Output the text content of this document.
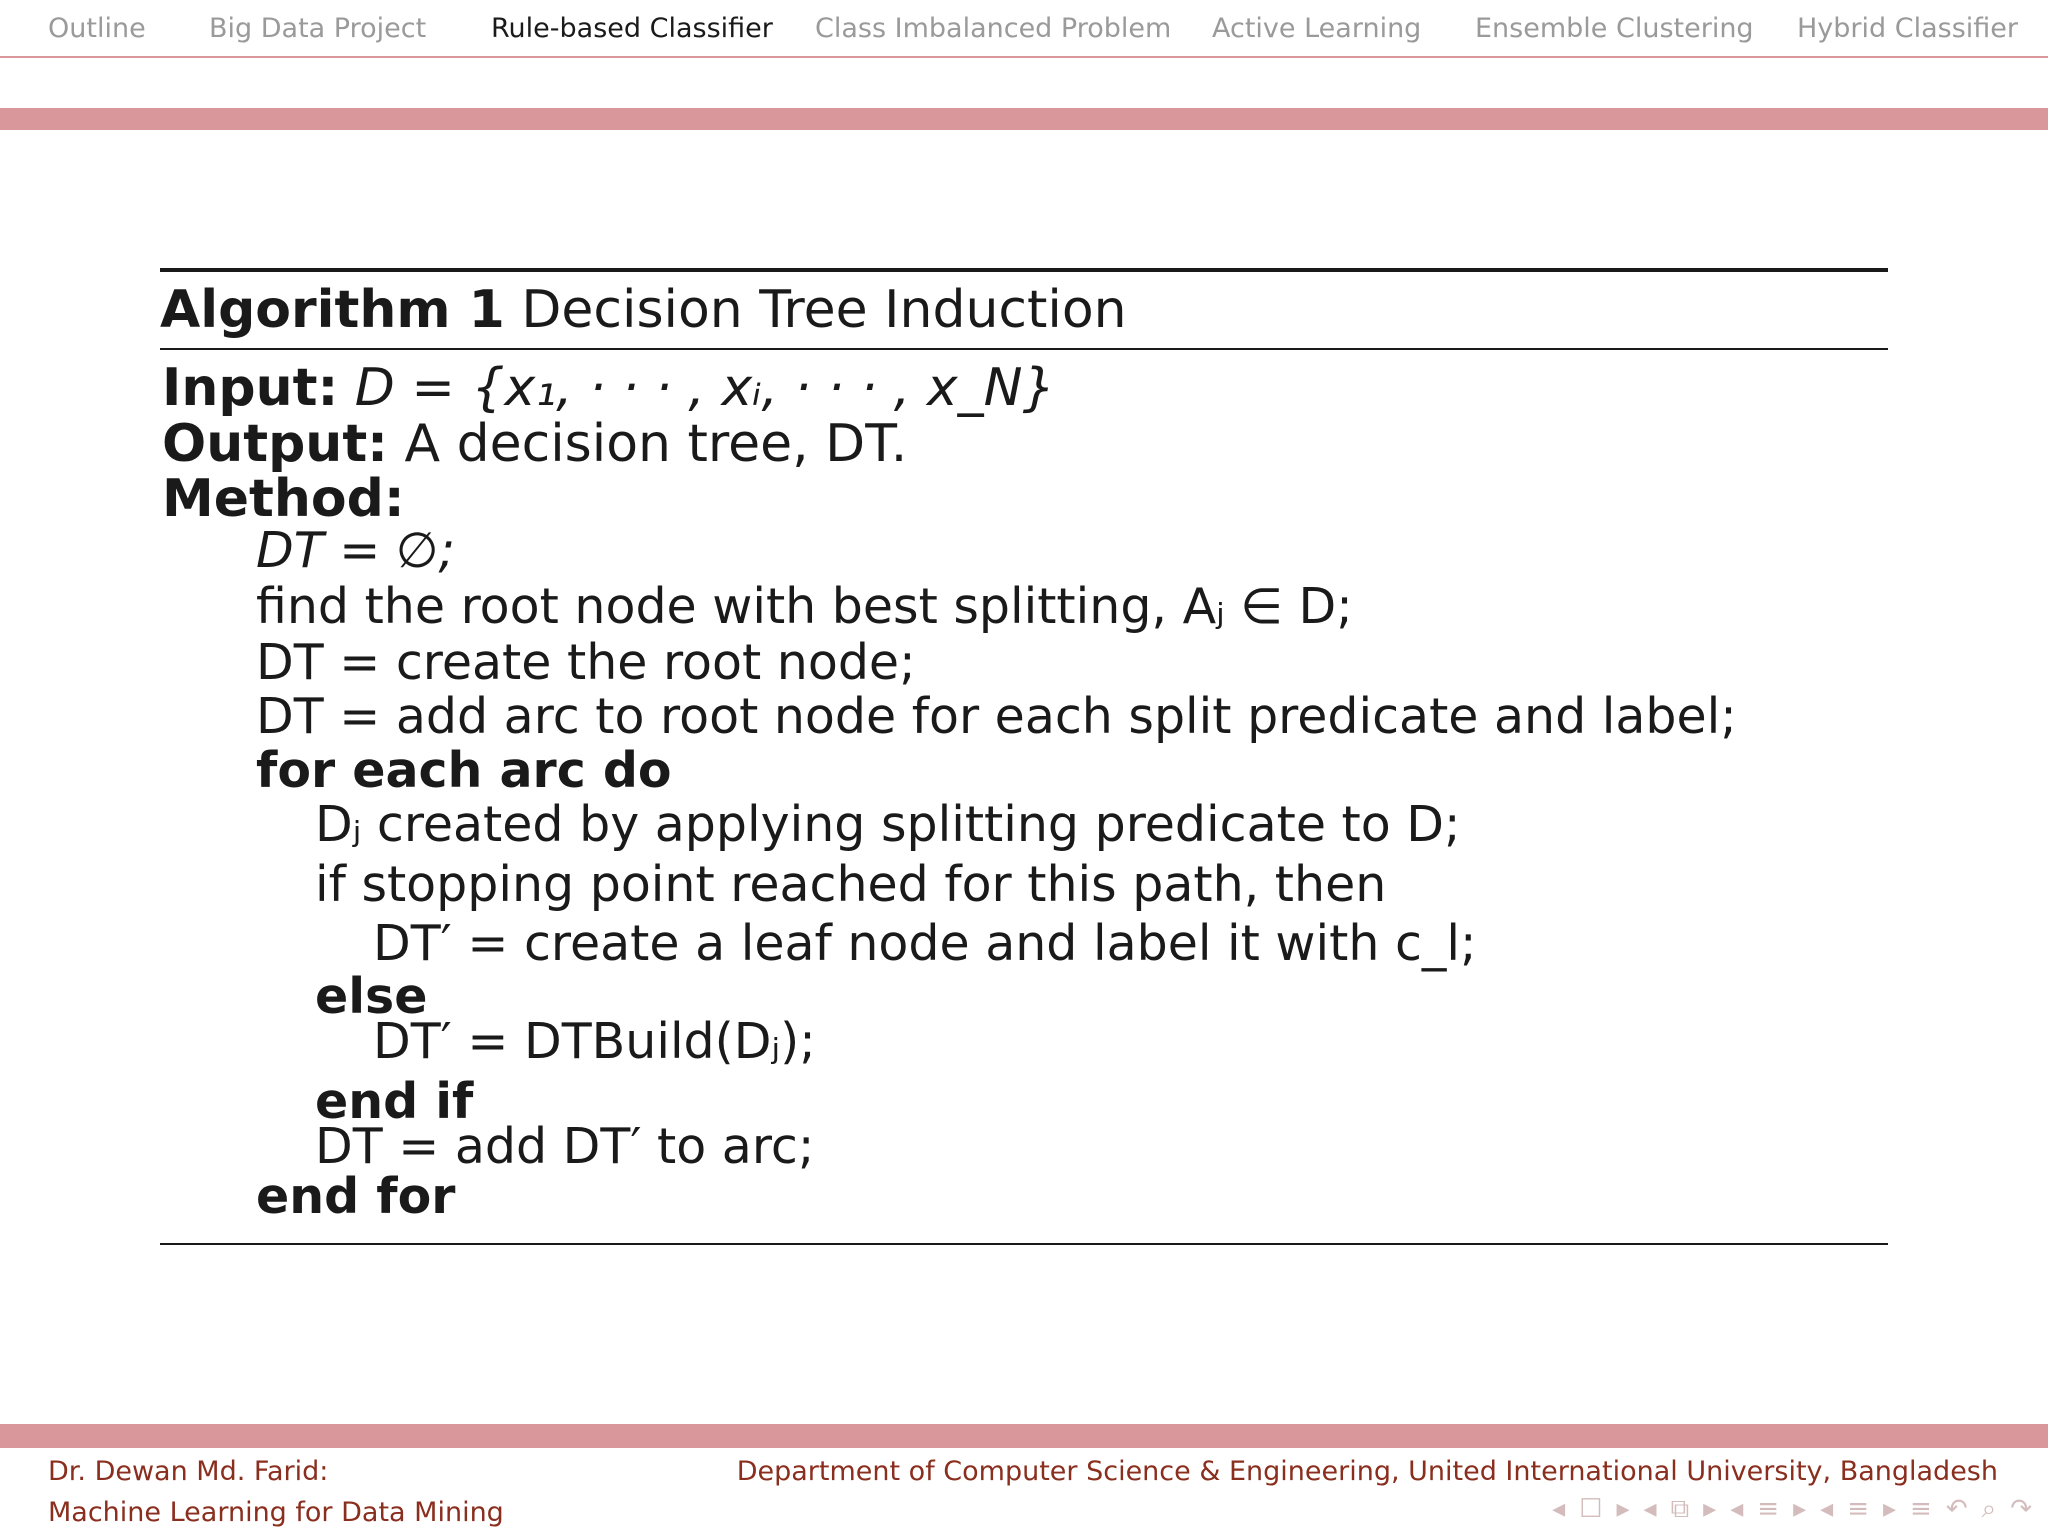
Outline Big Data Project Rule-based Classifier Class Imbalanced Problem Active Learning Ensemble Clustering Hybrid Classifier
Algorithm 1 Decision Tree Induction
Input: D = {x₁, · · · , xᵢ, · · · , x_N}
Output: A decision tree, DT.
Method:
DT = ∅;
find the root node with best splitting, Aⱼ ∈ D;
DT = create the root node;
DT = add arc to root node for each split predicate and label;
for each arc do
Dⱼ created by applying splitting predicate to D;
if stopping point reached for this path, then
DT′ = create a leaf node and label it with c_l;
else
DT′ = DTBuild(Dⱼ);
end if
DT = add DT′ to arc;
end for
Dr. Dewan Md. Farid:
Machine Learning for Data Mining
Department of Computer Science & Engineering, United International University, Bangladesh
◂ ☐ ▸ ◂ ⧉ ▸ ◂ ≡ ▸ ◂ ≡ ▸ ≡ ↶ ⌕ ↷
